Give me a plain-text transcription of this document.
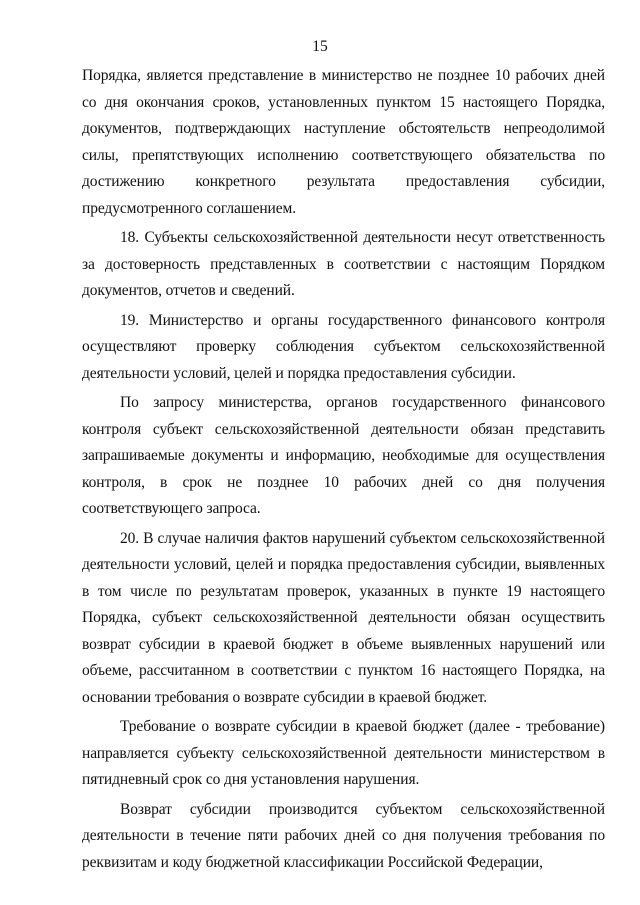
15

Порядка, является представление в министерство не позднее 10 рабочих дней со дня окончания сроков, установленных пунктом 15 настоящего Порядка, документов, подтверждающих наступление обстоятельств непреодолимой силы, препятствующих исполнению соответствующего обязательства по достижению конкретного результата предоставления субсидии, предусмотренного соглашением.

18. Субъекты сельскохозяйственной деятельности несут ответственность за достоверность представленных в соответствии с настоящим Порядком документов, отчетов и сведений.

19. Министерство и органы государственного финансового контроля осуществляют проверку соблюдения субъектом сельскохозяйственной деятельности условий, целей и порядка предоставления субсидии.

По запросу министерства, органов государственного финансового контроля субъект сельскохозяйственной деятельности обязан представить запрашиваемые документы и информацию, необходимые для осуществления контроля, в срок не позднее 10 рабочих дней со дня получения соответствующего запроса.

20. В случае наличия фактов нарушений субъектом сельскохозяйственной деятельности условий, целей и порядка предоставления субсидии, выявленных в том числе по результатам проверок, указанных в пункте 19 настоящего Порядка, субъект сельскохозяйственной деятельности обязан осуществить возврат субсидии в краевой бюджет в объеме выявленных нарушений или объеме, рассчитанном в соответствии с пунктом 16 настоящего Порядка, на основании требования о возврате субсидии в краевой бюджет.

Требование о возврате субсидии в краевой бюджет (далее - требование) направляется субъекту сельскохозяйственной деятельности министерством в пятидневный срок со дня установления нарушения.

Возврат субсидии производится субъектом сельскохозяйственной деятельности в течение пяти рабочих дней со дня получения требования по реквизитам и коду бюджетной классификации Российской Федерации,
